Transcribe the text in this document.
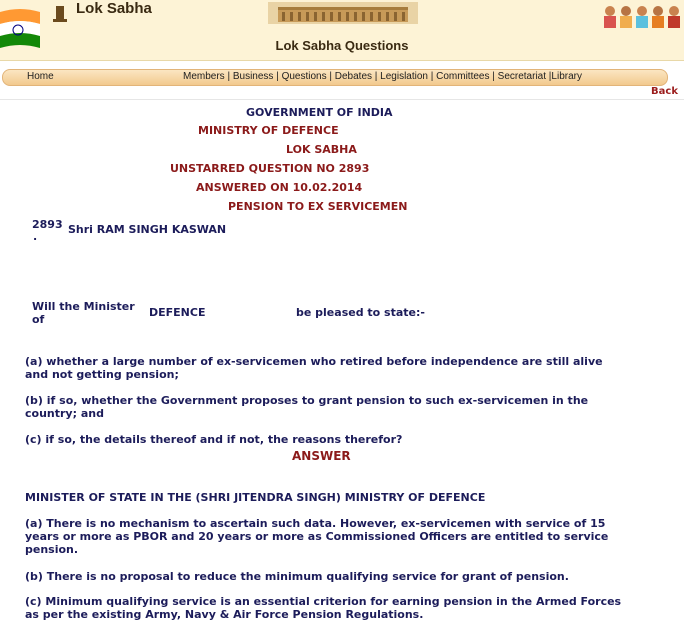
Lok Sabha
Lok Sabha Questions
Home	Members | Business | Questions | Debates | Legislation | Committees | Secretariat |Library
Back
GOVERNMENT OF INDIA
MINISTRY OF DEFENCE
LOK SABHA
UNSTARRED QUESTION NO 2893
ANSWERED ON 10.02.2014
PENSION TO EX SERVICEMEN
2893
.
Shri RAM SINGH KASWAN
Will the Minister
of
DEFENCE	be pleased to state:-
(a) whether a large number of ex-servicemen who retired before independence are still alive and not getting pension;
(b) if so, whether the Government proposes to grant pension to such ex-servicemen in the country; and
(c) if so, the details thereof and if not, the reasons therefor?
ANSWER
MINISTER OF STATE IN THE (SHRI JITENDRA SINGH) MINISTRY OF DEFENCE
(a) There is no mechanism to ascertain such data. However, ex-servicemen with service of 15 years or more as PBOR and 20 years or more as Commissioned Officers are entitled to service pension.
(b) There is no proposal to reduce the minimum qualifying service for grant of pension.
(c) Minimum qualifying service is an essential criterion for earning pension in the Armed Forces as per the existing Army, Navy & Air Force Pension Regulations.
